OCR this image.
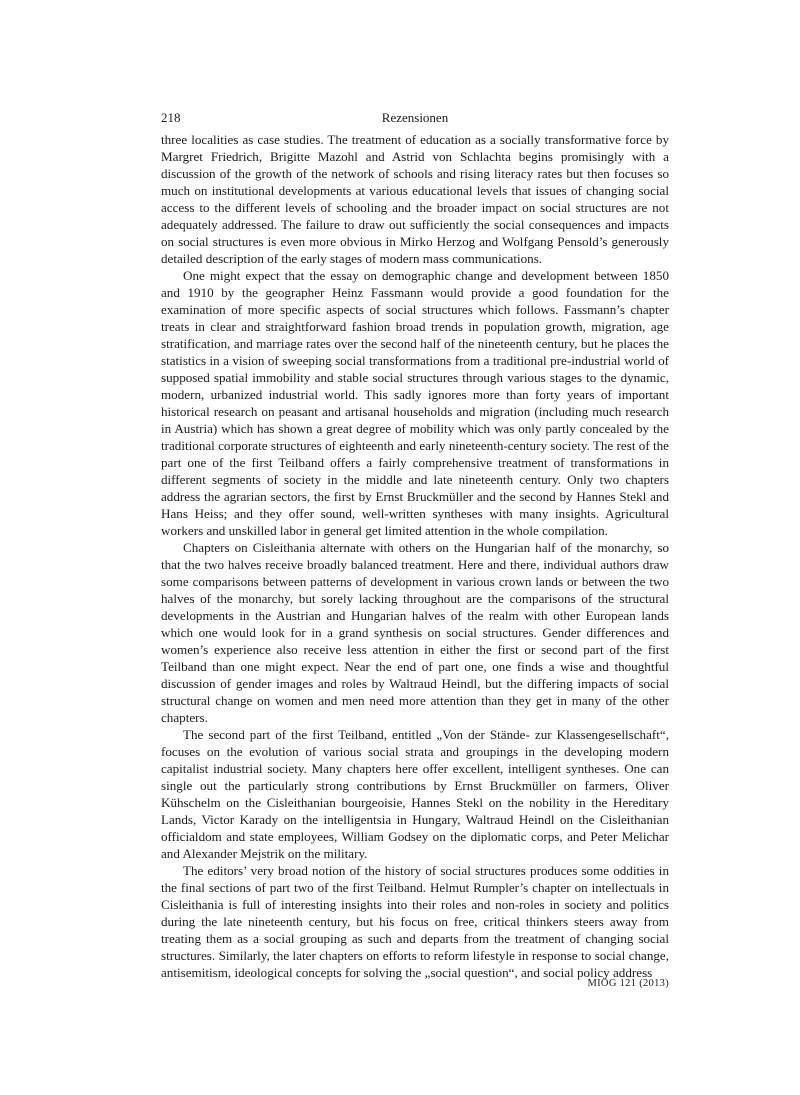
218	Rezensionen

three localities as case studies. The treatment of education as a socially transformative force by Margret Friedrich, Brigitte Mazohl and Astrid von Schlachta begins promisingly with a discussion of the growth of the network of schools and rising literacy rates but then focuses so much on institutional developments at various educational levels that issues of changing social access to the different levels of schooling and the broader impact on social structures are not adequately addressed. The failure to draw out sufficiently the social consequences and impacts on social structures is even more obvious in Mirko Herzog and Wolfgang Pensold’s generously detailed description of the early stages of modern mass communications.

One might expect that the essay on demographic change and development between 1850 and 1910 by the geographer Heinz Fassmann would provide a good foundation for the examination of more specific aspects of social structures which follows. Fassmann’s chapter treats in clear and straightforward fashion broad trends in population growth, migration, age stratification, and marriage rates over the second half of the nineteenth century, but he places the statistics in a vision of sweeping social transformations from a traditional pre-industrial world of supposed spatial immobility and stable social structures through various stages to the dynamic, modern, urbanized industrial world. This sadly ignores more than forty years of important historical research on peasant and artisanal households and migration (including much research in Austria) which has shown a great degree of mobility which was only partly concealed by the traditional corporate structures of eighteenth and early nineteenth-century society. The rest of the part one of the first Teilband offers a fairly comprehensive treatment of transformations in different segments of society in the middle and late nineteenth century. Only two chapters address the agrarian sectors, the first by Ernst Bruckmüller and the second by Hannes Stekl and Hans Heiss; and they offer sound, well-written syntheses with many insights. Agricultural workers and unskilled labor in general get limited attention in the whole compilation.

Chapters on Cisleithania alternate with others on the Hungarian half of the monarchy, so that the two halves receive broadly balanced treatment. Here and there, individual authors draw some comparisons between patterns of development in various crown lands or between the two halves of the monarchy, but sorely lacking throughout are the comparisons of the structural developments in the Austrian and Hungarian halves of the realm with other European lands which one would look for in a grand synthesis on social structures. Gender differences and women’s experience also receive less attention in either the first or second part of the first Teilband than one might expect. Near the end of part one, one finds a wise and thoughtful discussion of gender images and roles by Waltraud Heindl, but the differing impacts of social structural change on women and men need more attention than they get in many of the other chapters.

The second part of the first Teilband, entitled „Von der Stände- zur Klassengesellschaft“, focuses on the evolution of various social strata and groupings in the developing modern capitalist industrial society. Many chapters here offer excellent, intelligent syntheses. One can single out the particularly strong contributions by Ernst Bruckmüller on farmers, Oliver Kühschelm on the Cisleithanian bourgeoisie, Hannes Stekl on the nobility in the Hereditary Lands, Victor Karady on the intelligentsia in Hungary, Waltraud Heindl on the Cisleithanian officialdom and state employees, William Godsey on the diplomatic corps, and Peter Melichar and Alexander Mejstrik on the military.

The editors’ very broad notion of the history of social structures produces some oddities in the final sections of part two of the first Teilband. Helmut Rumpler’s chapter on intellectuals in Cisleithania is full of interesting insights into their roles and non-roles in society and politics during the late nineteenth century, but his focus on free, critical thinkers steers away from treating them as a social grouping as such and departs from the treatment of changing social structures. Similarly, the later chapters on efforts to reform lifestyle in response to social change, antisemitism, ideological concepts for solving the „social question“, and social policy address

MIÖG 121 (2013)
